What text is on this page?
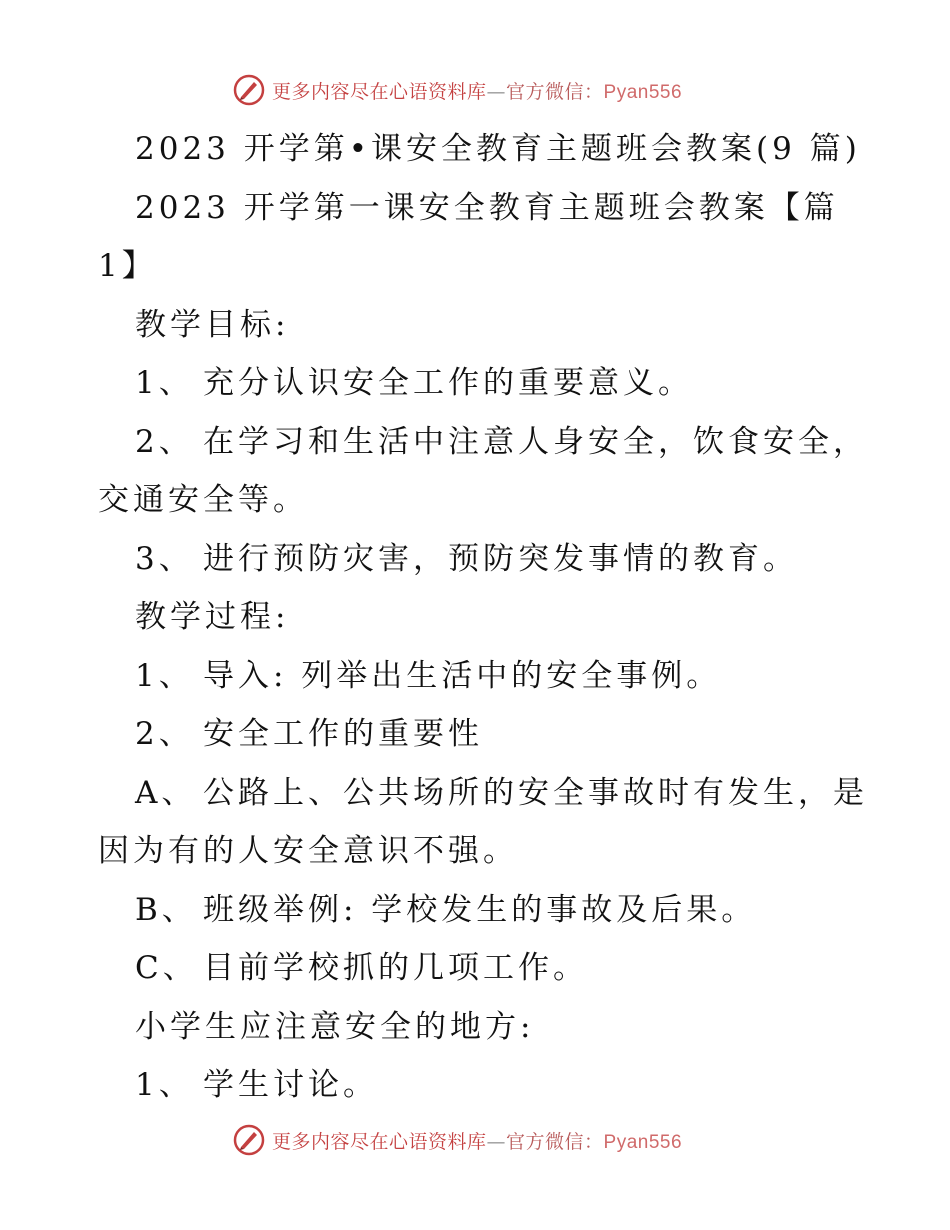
更多内容尽在心语资料库—官方微信：Pyan556
2023 开学第•课安全教育主题班会教案(9 篇)
2023 开学第一课安全教育主题班会教案【篇
1】
教学目标:
1、 充分认识安全工作的重要意义。
2、 在学习和生活中注意人身安全，饮食安全，
交通安全等。
3、 进行预防灾害，预防突发事情的教育。
教学过程:
1、 导入: 列举出生活中的安全事例。
2、 安全工作的重要性
A、 公路上、公共场所的安全事故时有发生，是
因为有的人安全意识不强。
B、 班级举例: 学校发生的事故及后果。
C、 目前学校抓的几项工作。
小学生应注意安全的地方:
1、 学生讨论。
更多内容尽在心语资料库—官方微信：Pyan556
